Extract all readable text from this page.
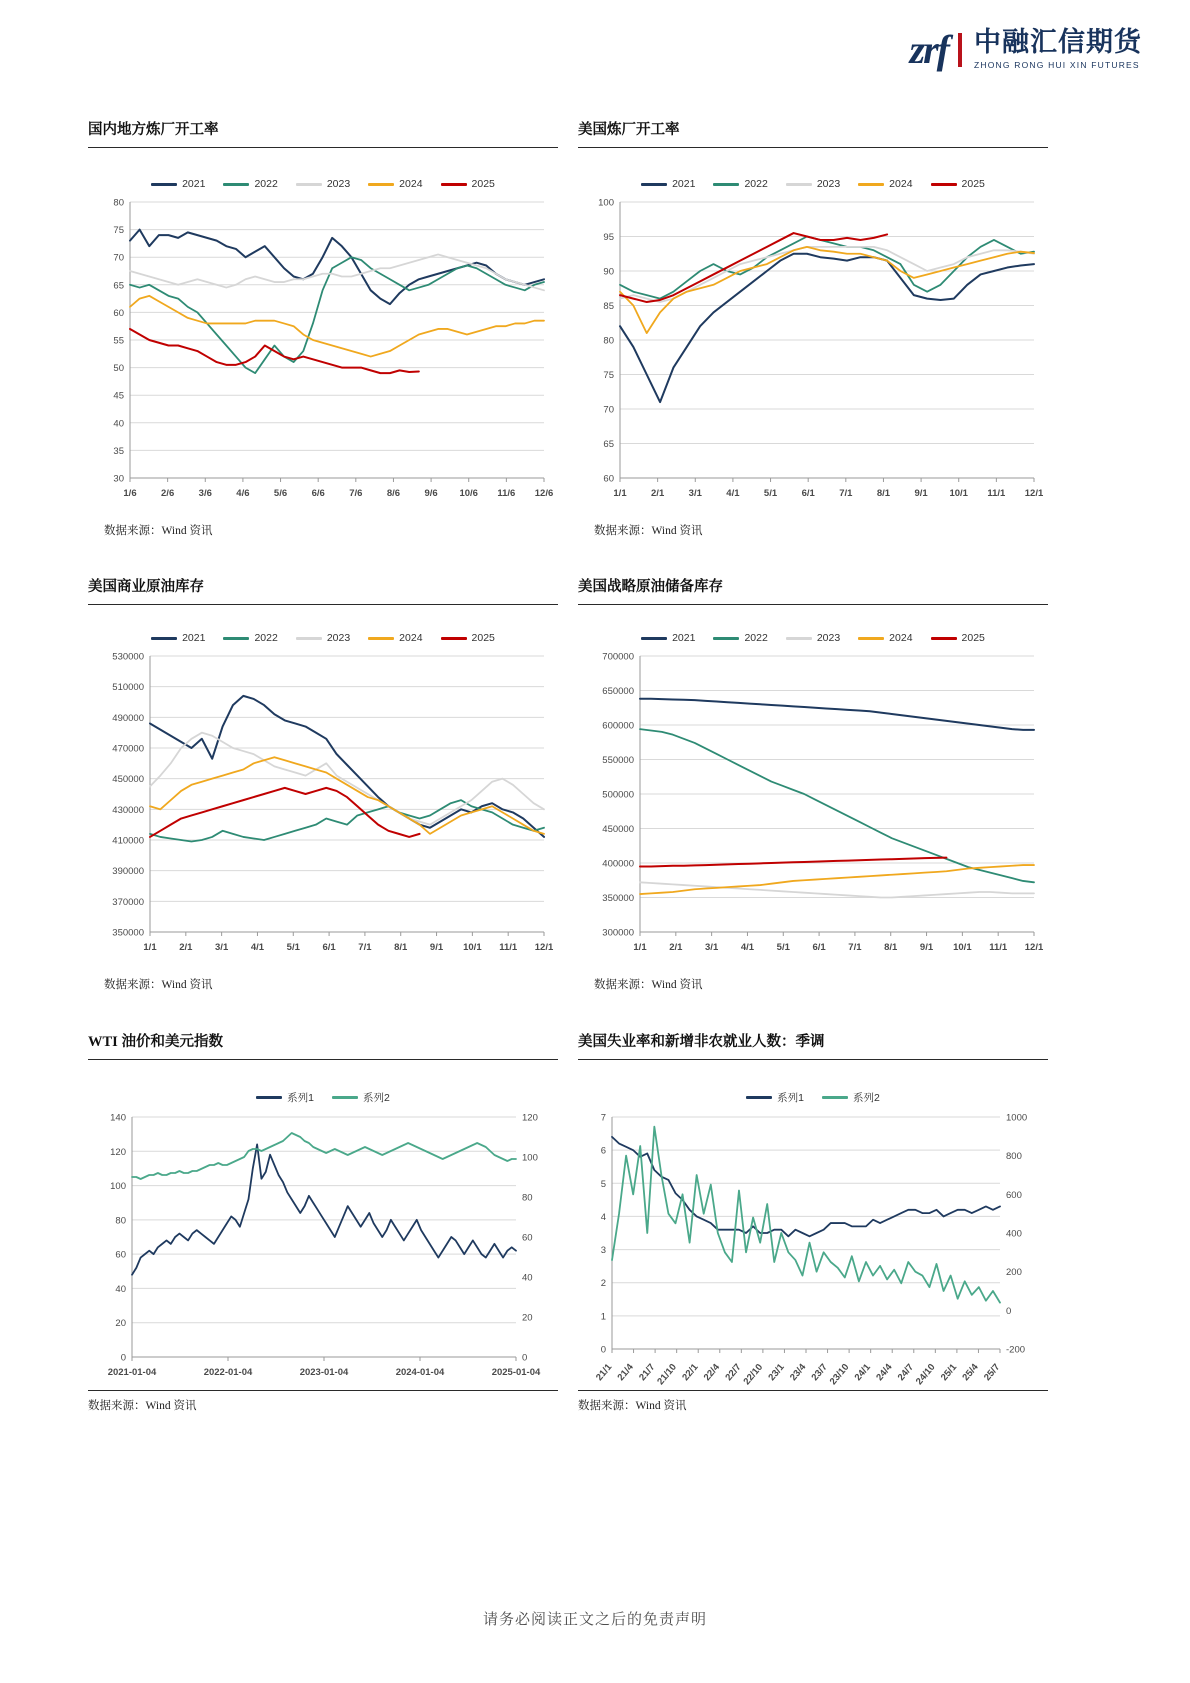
zrf 中融汇信期货
ZHONG RONG HUI XIN FUTURES
国内地方炼厂开工率
2021	2022	2023	2024	2025
30
35
40
45
50
55
60
65
70
75
80
1/6	2/6	3/6	4/6	5/6	6/6	7/6	8/6	9/6 10/6 11/6 12/6
数据来源：Wind 资讯
美国炼厂开工率
2021	2022	2023	2024	2025
60
65
70
75
80
85
90
95
100
1/1	2/1	3/1	4/1	5/1	6/1	7/1	8/1	9/1 10/1 11/1 12/1
数据来源：Wind 资讯
美国商业原油库存
2021	2022	2023	2024	2025
350000
370000
390000
410000
430000
450000
470000
490000
510000
530000
1/1 2/1 3/1 4/1 5/1 6/1 7/1 8/1 9/1 10/1 11/1 12/1
数据来源：Wind 资讯
美国战略原油储备库存
2021	2022	2023	2024	2025
300000
350000
400000
450000
500000
550000
600000
650000
700000
1/1 2/1 3/1 4/1 5/1 6/1 7/1 8/1 9/1 10/1 11/1 12/1
数据来源：Wind 资讯
WTI 油价和美元指数
系列1	系列2
0
20
40
60
80
100
120
140
0
20
40
60
80
100
120
2021-01-04	2022-01-04	2023-01-04	2024-01-04	2025-01-04
数据来源：Wind 资讯
美国失业率和新增非农就业人数：季调
系列1	系列2
0
1
2
3
4
5
6
7
-200
0
200
400
600
800
1000
21/1 21/4 21/7
21/10 22/1 22/4 22/7
22/10 23/1 23/4 23/7
23/10 24/1 24/4 24/7
24/10 25/1 25/4 25/7
数据来源：Wind 资讯
请务必阅读正文之后的免责声明
